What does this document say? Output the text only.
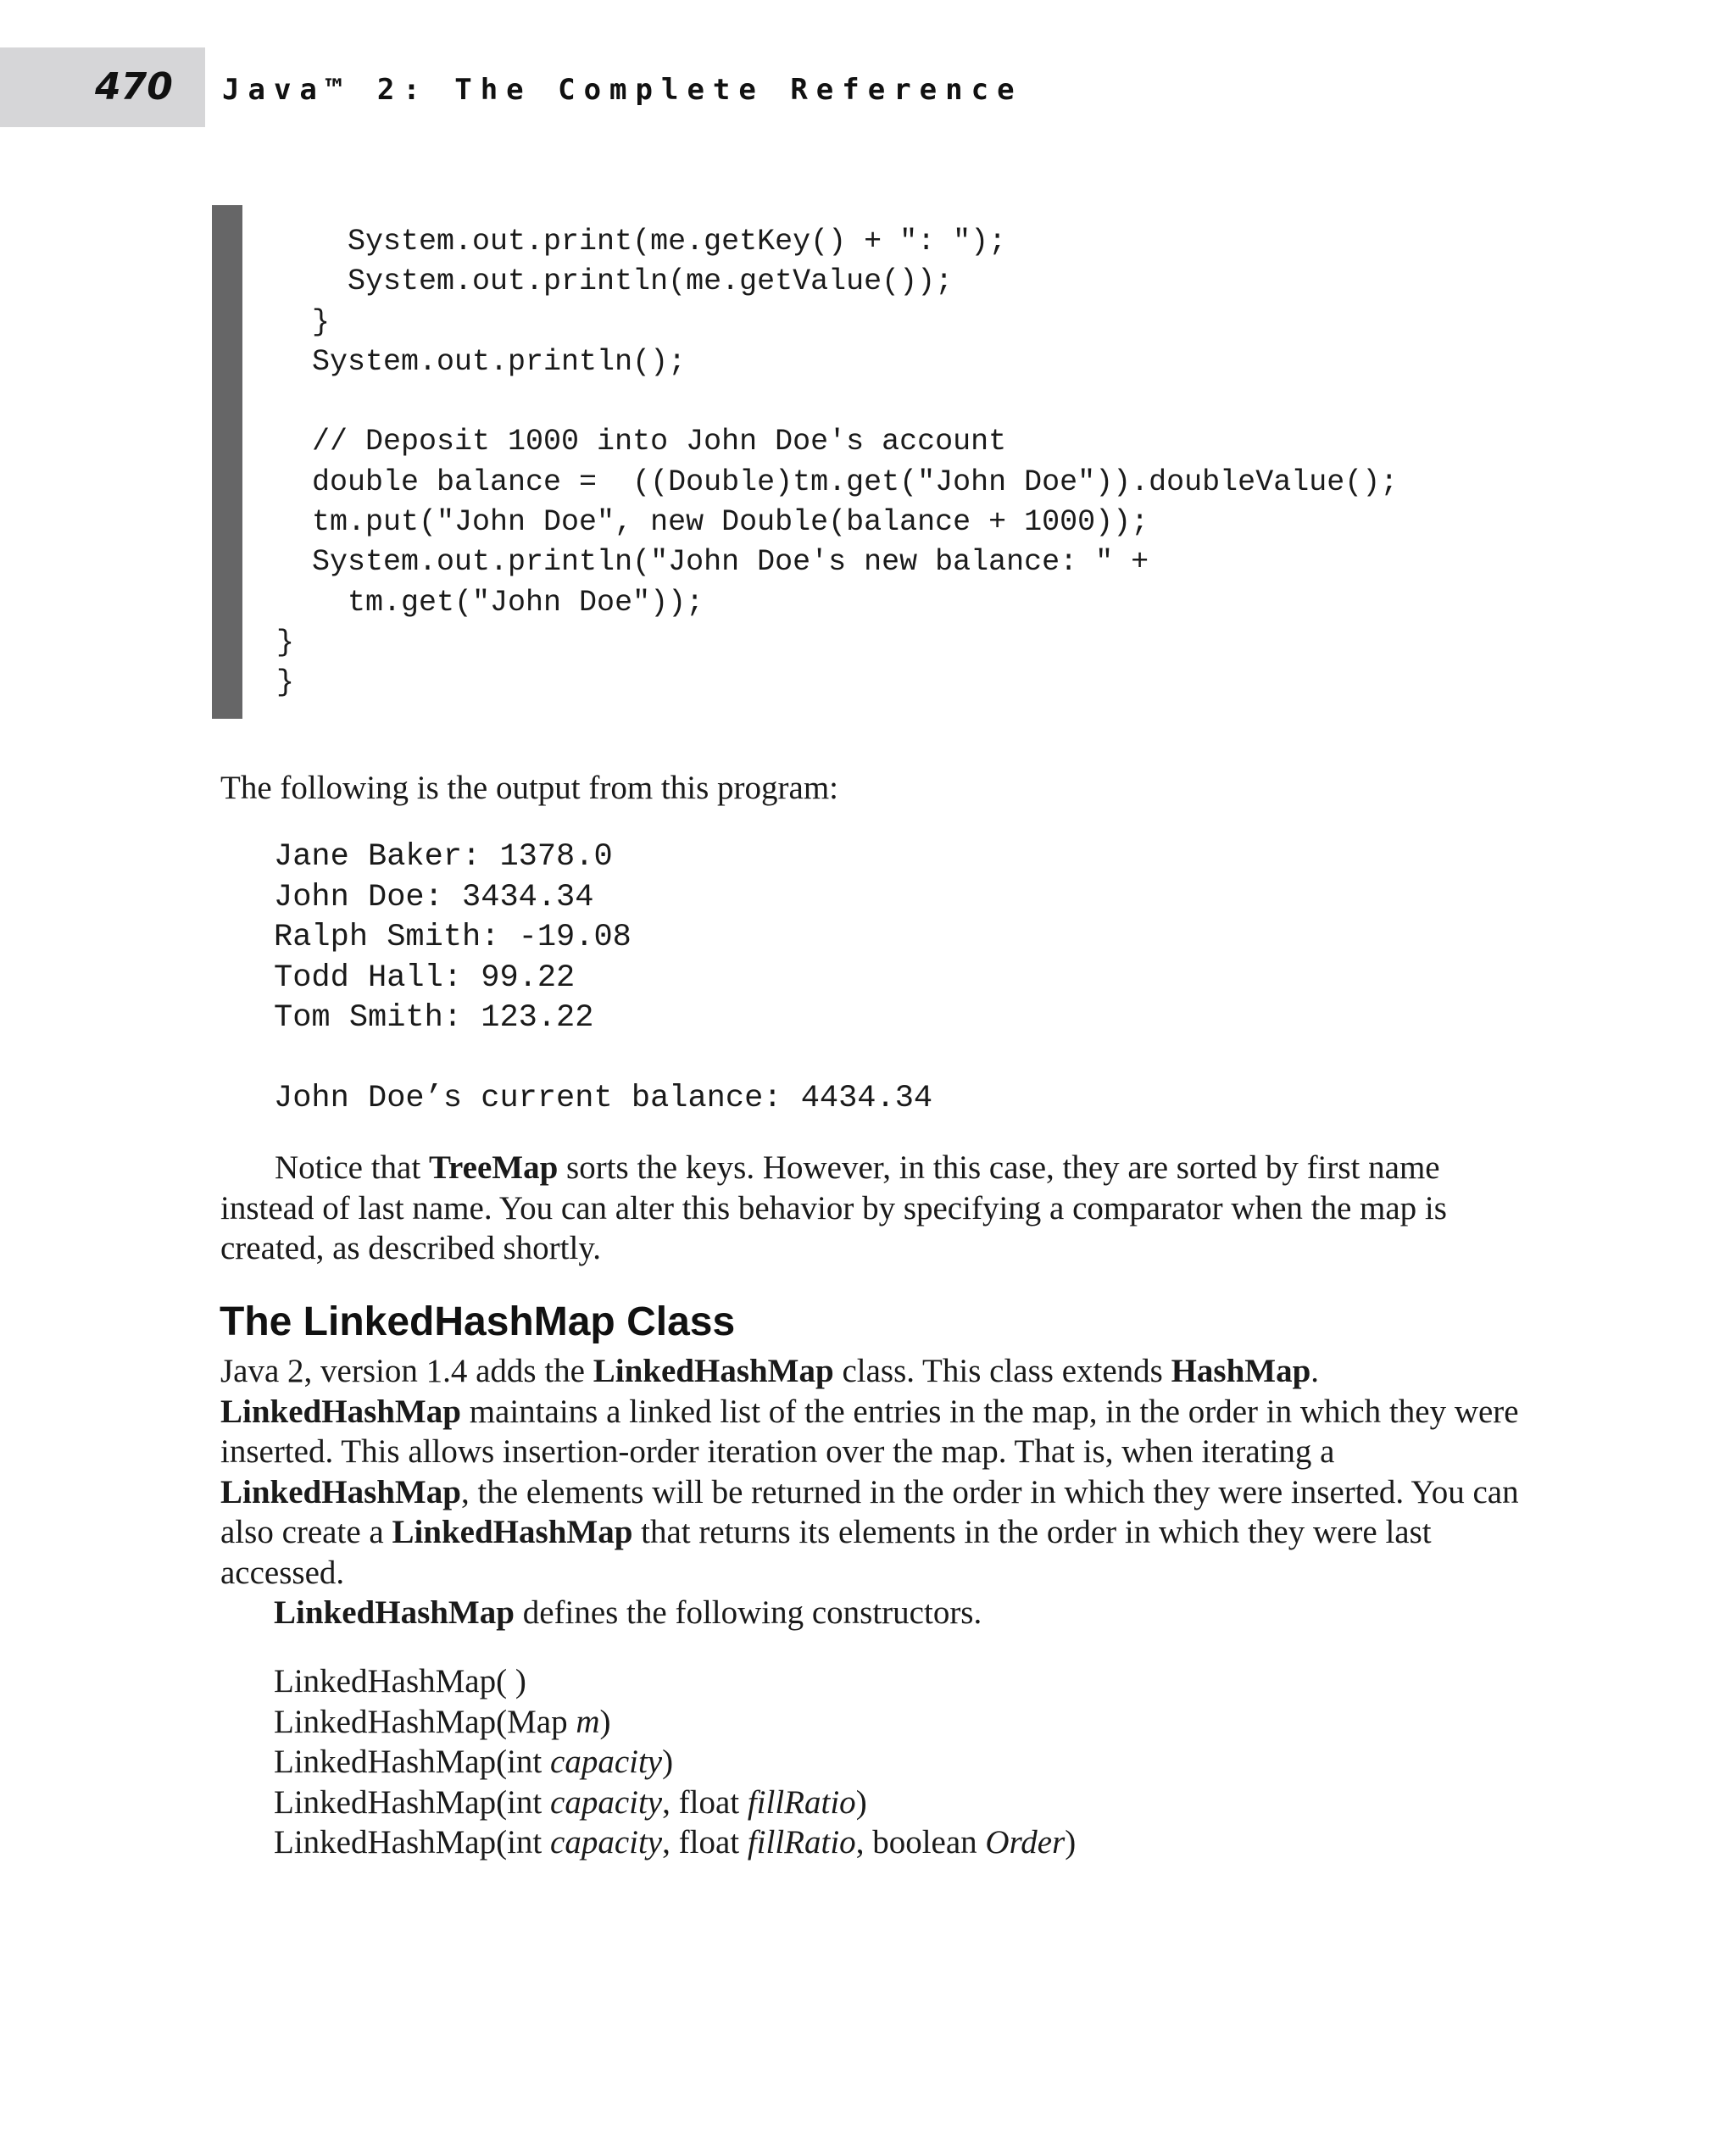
470 Java™ 2: The Complete Reference

System.out.print(me.getKey() + ": ");
System.out.println(me.getValue());
}
System.out.println();

// Deposit 1000 into John Doe's account
double balance =  ((Double)tm.get("John Doe")).doubleValue();
tm.put("John Doe", new Double(balance + 1000));
System.out.println("John Doe's new balance: " +
tm.get("John Doe"));
}
}

The following is the output from this program:

Jane Baker: 1378.0
John Doe: 3434.34
Ralph Smith: -19.08
Todd Hall: 99.22
Tom Smith: 123.22

John Doe’s current balance: 4434.34

Notice that TreeMap sorts the keys. However, in this case, they are sorted by first name instead of last name. You can alter this behavior by specifying a comparator when the map is created, as described shortly.

The LinkedHashMap Class

Java 2, version 1.4 adds the LinkedHashMap class. This class extends HashMap. LinkedHashMap maintains a linked list of the entries in the map, in the order in which they were inserted. This allows insertion-order iteration over the map. That is, when iterating a LinkedHashMap, the elements will be returned in the order in which they were inserted. You can also create a LinkedHashMap that returns its elements in the order in which they were last accessed.

LinkedHashMap defines the following constructors.

LinkedHashMap( )
LinkedHashMap(Map m)
LinkedHashMap(int capacity)
LinkedHashMap(int capacity, float fillRatio)
LinkedHashMap(int capacity, float fillRatio, boolean Order)
